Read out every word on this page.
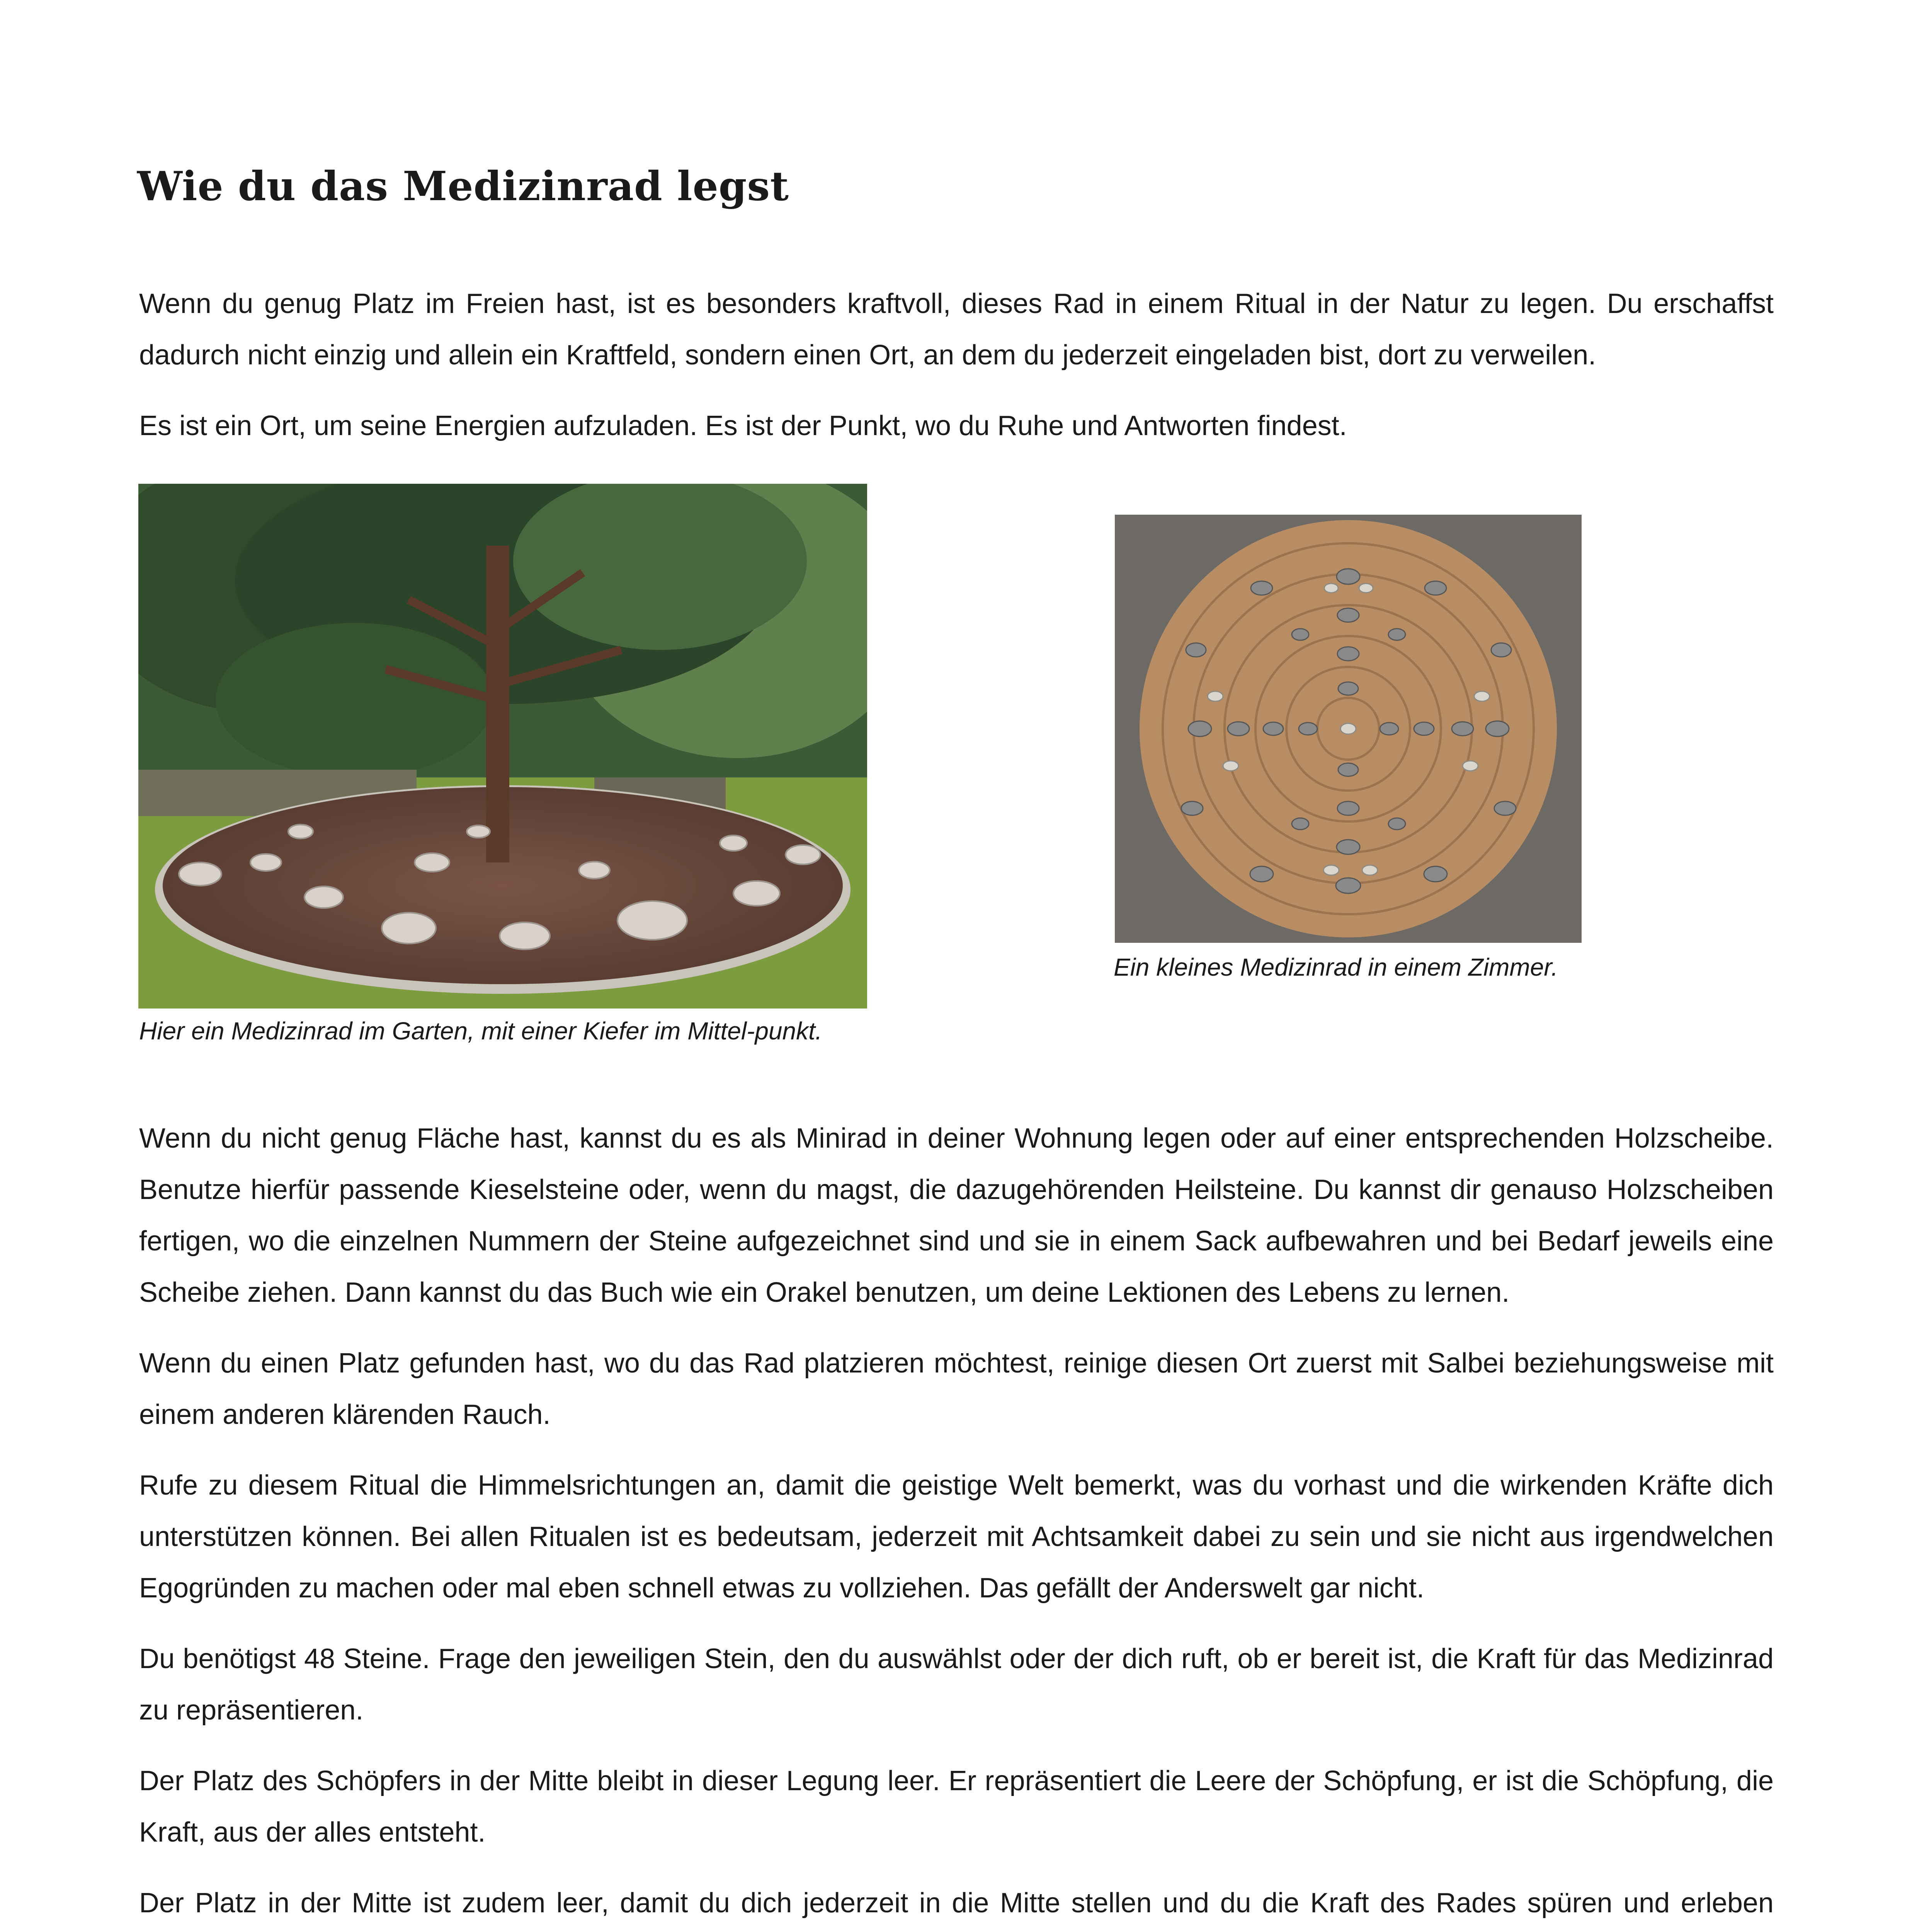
Wie du das Medizinrad legst

Wenn du genug Platz im Freien hast, ist es besonders kraftvoll, dieses Rad in einem Ritual in der Natur zu legen. Du erschaffst dadurch nicht einzig und allein ein Kraftfeld, sondern einen Ort, an dem du jederzeit eingeladen bist, dort zu verweilen.

Es ist ein Ort, um seine Energien aufzuladen. Es ist der Punkt, wo du Ruhe und Antworten findest.

Hier ein Medizinrad im Garten, mit einer Kiefer im Mittel-punkt.

Ein kleines Medizinrad in einem Zimmer.

Wenn du nicht genug Fläche hast, kannst du es als Minirad in deiner Wohnung legen oder auf einer entsprechenden Holzscheibe. Benutze hierfür passende Kieselsteine oder, wenn du magst, die dazugehörenden Heilsteine. Du kannst dir genauso Holzscheiben fertigen, wo die einzelnen Nummern der Steine aufgezeichnet sind und sie in einem Sack aufbewahren und bei Bedarf jeweils eine Scheibe ziehen. Dann kannst du das Buch wie ein Orakel benutzen, um deine Lektionen des Lebens zu lernen.

Wenn du einen Platz gefunden hast, wo du das Rad platzieren möchtest, reinige diesen Ort zuerst mit Salbei beziehungsweise mit einem anderen klärenden Rauch.

Rufe zu diesem Ritual die Himmelsrichtungen an, damit die geistige Welt bemerkt, was du vorhast und die wirkenden Kräfte dich unterstützen können. Bei allen Ritualen ist es bedeutsam, jederzeit mit Achtsamkeit dabei zu sein und sie nicht aus irgendwelchen Egogründen zu machen oder mal eben schnell etwas zu vollziehen. Das gefällt der Anderswelt gar nicht.

Du benötigst 48 Steine. Frage den jeweiligen Stein, den du auswählst oder der dich ruft, ob er bereit ist, die Kraft für das Medizinrad zu repräsentieren.

Der Platz des Schöpfers in der Mitte bleibt in dieser Legung leer. Er repräsentiert die Leere der Schöpfung, er ist die Schöpfung, die Kraft, aus der alles entsteht.

Der Platz in der Mitte ist zudem leer, damit du dich jederzeit in die Mitte stellen und du die Kraft des Rades spüren und erleben
